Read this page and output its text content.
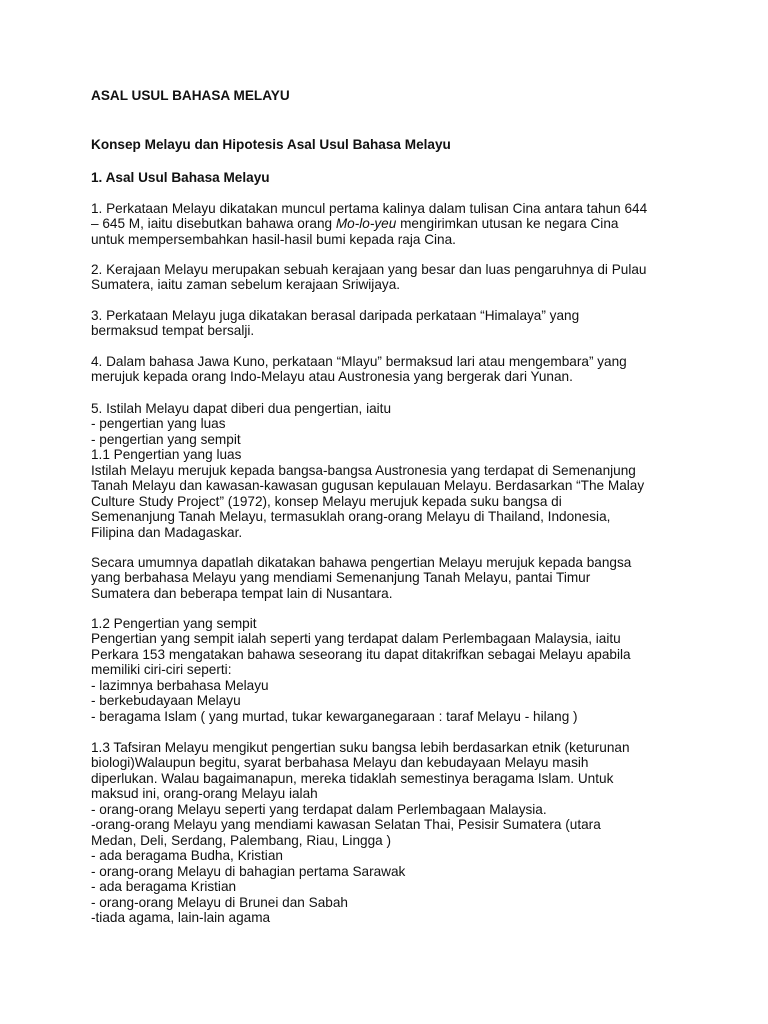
ASAL USUL BAHASA MELAYU
Konsep Melayu dan Hipotesis Asal Usul Bahasa Melayu
1. Asal Usul Bahasa Melayu
1. Perkataan Melayu dikatakan muncul pertama kalinya dalam tulisan Cina antara tahun 644
– 645 M, iaitu disebutkan bahawa orang Mo-lo-yeu mengirimkan utusan ke negara Cina
untuk mempersembahkan hasil-hasil bumi kepada raja Cina.
2. Kerajaan Melayu merupakan sebuah kerajaan yang besar dan luas pengaruhnya di Pulau
Sumatera, iaitu zaman sebelum kerajaan Sriwijaya.
3. Perkataan Melayu juga dikatakan berasal daripada perkataan “Himalaya” yang
bermaksud tempat bersalji.
4. Dalam bahasa Jawa Kuno, perkataan “Mlayu” bermaksud lari atau mengembara” yang
merujuk kepada orang Indo-Melayu atau Austronesia yang bergerak dari Yunan.
5. Istilah Melayu dapat diberi dua pengertian, iaitu
- pengertian yang luas
- pengertian yang sempit
1.1 Pengertian yang luas
Istilah Melayu merujuk kepada bangsa-bangsa Austronesia yang terdapat di Semenanjung
Tanah Melayu dan kawasan-kawasan gugusan kepulauan Melayu. Berdasarkan “The Malay
Culture Study Project” (1972), konsep Melayu merujuk kepada suku bangsa di
Semenanjung Tanah Melayu, termasuklah orang-orang Melayu di Thailand, Indonesia,
Filipina dan Madagaskar.
Secara umumnya dapatlah dikatakan bahawa pengertian Melayu merujuk kepada bangsa
yang berbahasa Melayu yang mendiami Semenanjung Tanah Melayu, pantai Timur
Sumatera dan beberapa tempat lain di Nusantara.
1.2 Pengertian yang sempit
Pengertian yang sempit ialah seperti yang terdapat dalam Perlembagaan Malaysia, iaitu
Perkara 153 mengatakan bahawa seseorang itu dapat ditakrifkan sebagai Melayu apabila
memiliki ciri-ciri seperti:
- lazimnya berbahasa Melayu
- berkebudayaan Melayu
- beragama Islam ( yang murtad, tukar kewarganegaraan : taraf Melayu - hilang )
1.3 Tafsiran Melayu mengikut pengertian suku bangsa lebih berdasarkan etnik (keturunan
biologi)Walaupun begitu, syarat berbahasa Melayu dan kebudayaan Melayu masih
diperlukan. Walau bagaimanapun, mereka tidaklah semestinya beragama Islam. Untuk
maksud ini, orang-orang Melayu ialah
- orang-orang Melayu seperti yang terdapat dalam Perlembagaan Malaysia.
-orang-orang Melayu yang mendiami kawasan Selatan Thai, Pesisir Sumatera (utara
Medan, Deli, Serdang, Palembang, Riau, Lingga )
- ada beragama Budha, Kristian
- orang-orang Melayu di bahagian pertama Sarawak
- ada beragama Kristian
- orang-orang Melayu di Brunei dan Sabah
-tiada agama, lain-lain agama
